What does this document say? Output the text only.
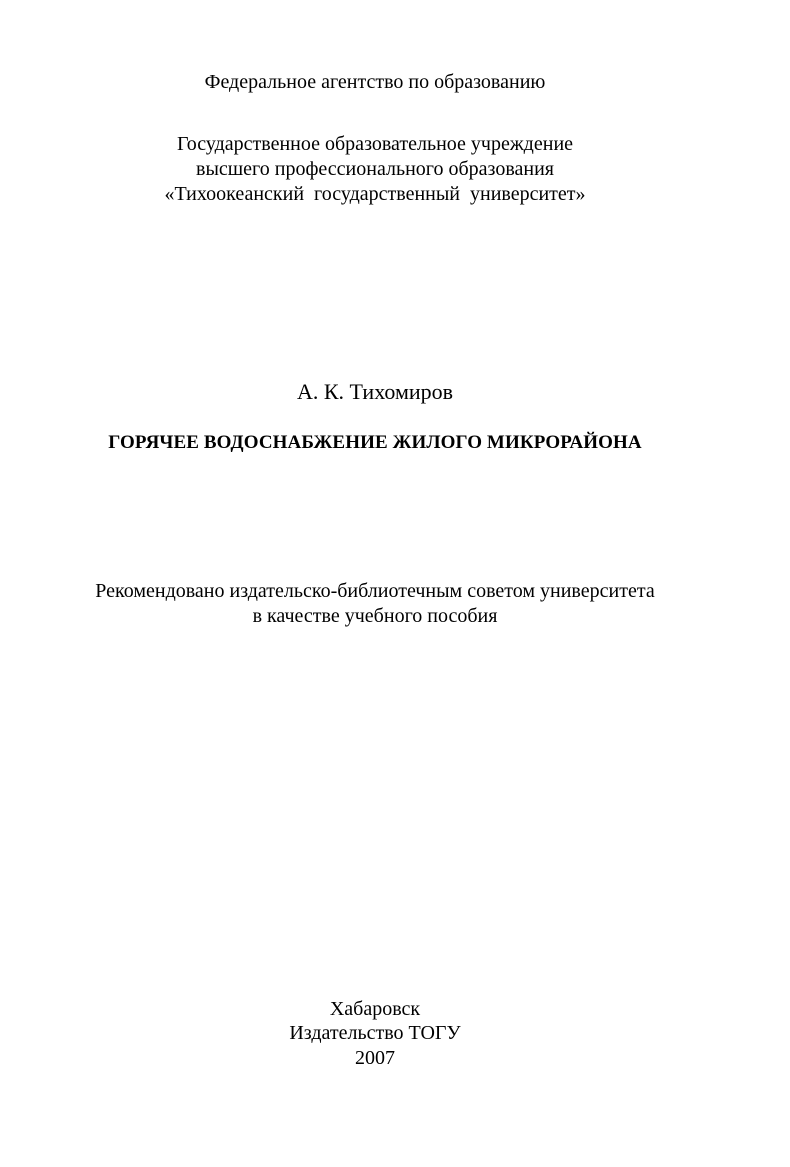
Федеральное агентство по образованию
Государственное образовательное учреждение
высшего профессионального образования
«Тихоокеанский  государственный  университет»
А. К. Тихомиров
ГОРЯЧЕЕ ВОДОСНАБЖЕНИЕ ЖИЛОГО МИКРОРАЙОНА
Рекомендовано издательско-библиотечным советом университета
в качестве учебного пособия
Хабаровск
Издательство ТОГУ
2007
